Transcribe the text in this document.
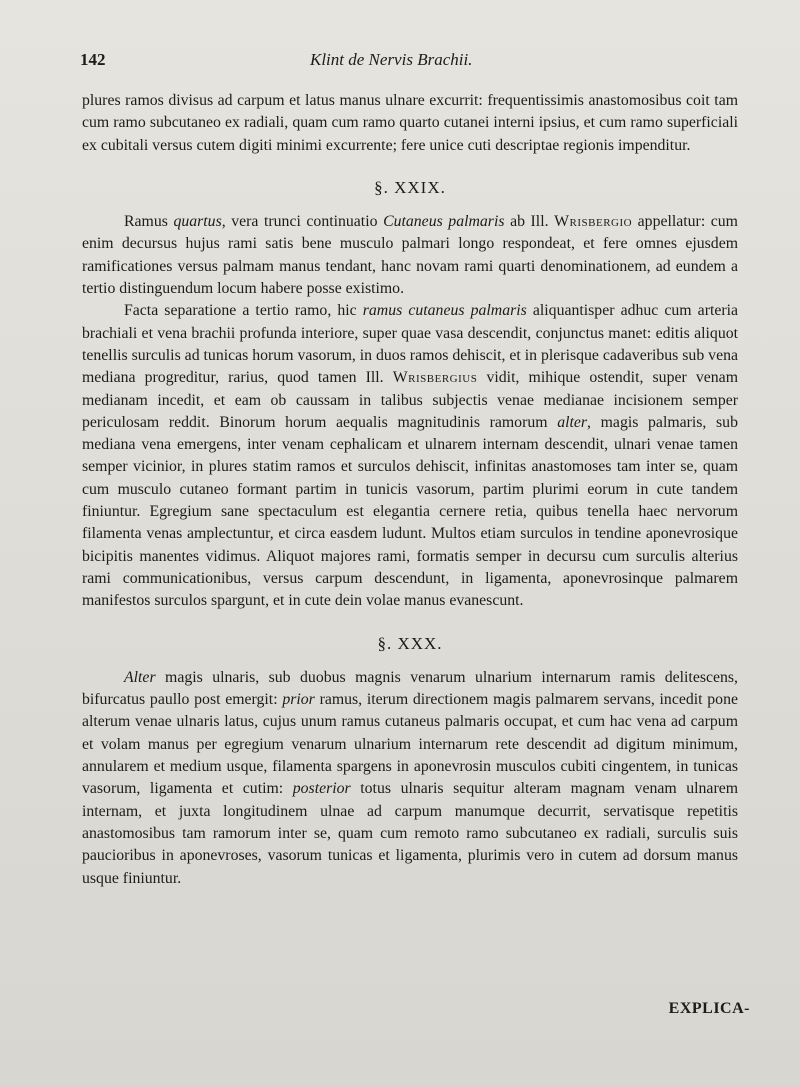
142	Klint de Nervis Brachii.

plures ramos divisus ad carpum et latus manus ulnare excurrit: frequentissimis anastomosibus coit tam cum ramo subcutaneo ex radiali, quam cum ramo quarto cutanei interni ipsius, et cum ramo superficiali ex cubitali versus cutem digiti minimi excurrente; fere unice cuti descriptae regionis impenditur.

§. XXIX.

Ramus quartus, vera trunci continuatio Cutaneus palmaris ab Ill. Wrisbergio appellatur: cum enim decursus hujus rami satis bene musculo palmari longo respondeat, et fere omnes ejusdem ramificationes versus palmam manus tendant, hanc novam rami quarti denominationem, ad eundem a tertio distinguendum locum habere posse existimo.

Facta separatione a tertio ramo, hic ramus cutaneus palmaris aliquantisper adhuc cum arteria brachiali et vena brachii profunda interiore, super quae vasa descendit, conjunctus manet: editis aliquot tenellis surculis ad tunicas horum vasorum, in duos ramos dehiscit, et in plerisque cadaveribus sub vena mediana progreditur, rarius, quod tamen Ill. Wrisbergius vidit, mihique ostendit, super venam medianam incedit, et eam ob caussam in talibus subjectis venae medianae incisionem semper periculosam reddit. Binorum horum aequalis magnitudinis ramorum alter, magis palmaris, sub mediana vena emergens, inter venam cephalicam et ulnarem internam descendit, ulnari venae tamen semper vicinior, in plures statim ramos et surculos dehiscit, infinitas anastomoses tam inter se, quam cum musculo cutaneo formant partim in tunicis vasorum, partim plurimi eorum in cute tandem finiuntur. Egregium sane spectaculum est elegantia cernere retia, quibus tenella haec nervorum filamenta venas amplectuntur, et circa easdem ludunt. Multos etiam surculos in tendine aponevrosique bicipitis manentes vidimus. Aliquot majores rami, formatis semper in decursu cum surculis alterius rami communicationibus, versus carpum descendunt, in ligamenta, aponevrosinque palmarem manifestos surculos spargunt, et in cute dein volae manus evanescunt.

§. XXX.

Alter magis ulnaris, sub duobus magnis venarum ulnarium internarum ramis delitescens, bifurcatus paullo post emergit: prior ramus, iterum directionem magis palmarem servans, incedit pone alterum venae ulnaris latus, cujus unum ramus cutaneus palmaris occupat, et cum hac vena ad carpum et volam manus per egregium venarum ulnarium internarum rete descendit ad digitum minimum, annularem et medium usque, filamenta spargens in aponevrosin musculos cubiti cingentem, in tunicas vasorum, ligamenta et cutim: posterior totus ulnaris sequitur alteram magnam venam ulnarem internam, et juxta longitudinem ulnae ad carpum manumque decurrit, servatisque repetitis anastomosibus tam ramorum inter se, quam cum remoto ramo subcutaneo ex radiali, surculis suis paucioribus in aponevroses, vasorum tunicas et ligamenta, plurimis vero in cutem ad dorsum manus usque finiuntur.

EXPLICA-
